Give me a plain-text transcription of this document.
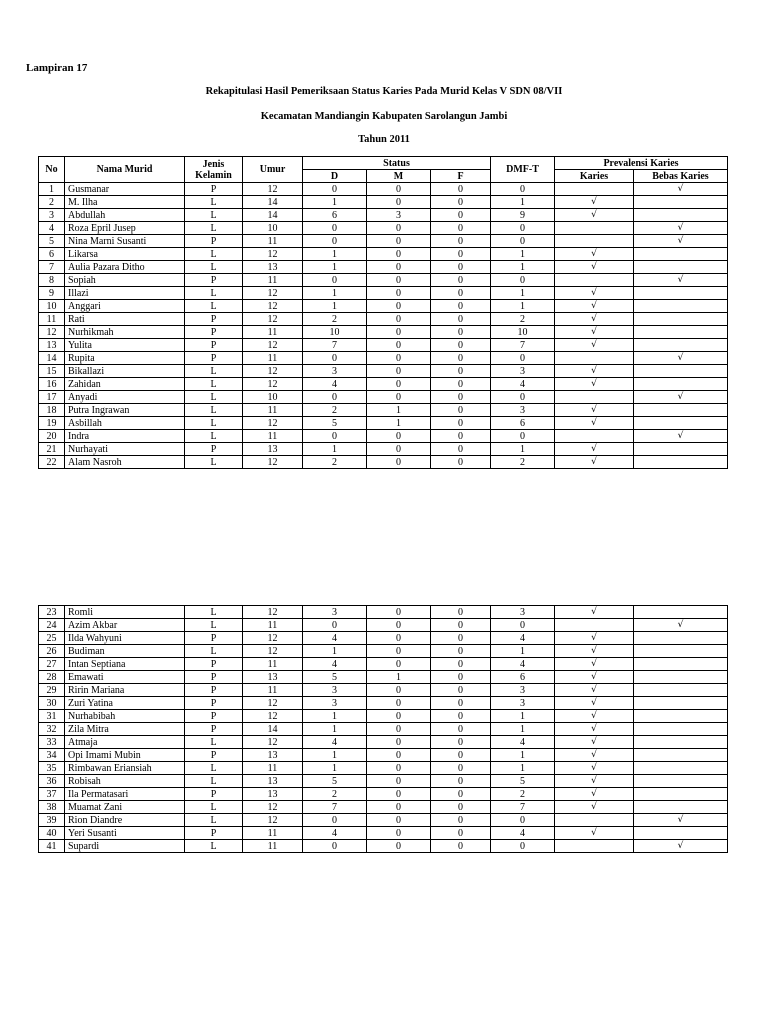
Lampiran 17
Rekapitulasi Hasil Pemeriksaan Status Karies Pada Murid Kelas V SDN 08/VII
Kecamatan Mandiangin Kabupaten Sarolangun Jambi
Tahun 2011
No	Nama Murid	Jenis
Kelamin	Umur	Status			DMF-T	Prevalensi Karies	
				D	M	F		Karies	Bebas Karies
1	Gusmanar	P	12	0	0	0	0		√
2	M. Ilha	L	14	1	0	0	1	√	
3	Abdullah	L	14	6	3	0	9	√	
4	Roza Epril Jusep	L	10	0	0	0	0		√
5	Nina Marni Susanti	P	11	0	0	0	0		√
6	Likarsa	L	12	1	0	0	1	√	
7	Aulia Pazara Ditho	L	13	1	0	0	1	√	
8	Sopiah	P	11	0	0	0	0		√
9	Illazi	L	12	1	0	0	1	√	
10	Anggari	L	12	1	0	0	1	√	
11	Rati	P	12	2	0	0	2	√	
12	Nurhikmah	P	11	10	0	0	10	√	
13	Yulita	P	12	7	0	0	7	√	
14	Rupita	P	11	0	0	0	0		√
15	Bikallazi	L	12	3	0	0	3	√	
16	Zahidan	L	12	4	0	0	4	√	
17	Anyadi	L	10	0	0	0	0		√
18	Putra Ingrawan	L	11	2	1	0	3	√	
19	Asbillah	L	12	5	1	0	6	√	
20	Indra	L	11	0	0	0	0		√
21	Nurhayati	P	13	1	0	0	1	√	
22	Alam Nasroh	L	12	2	0	0	2	√	
23	Romli	L	12	3	0	0	3	√	
24	Azim Akbar	L	11	0	0	0	0		√
25	Ilda Wahyuni	P	12	4	0	0	4	√	
26	Budiman	L	12	1	0	0	1	√	
27	Intan Septiana	P	11	4	0	0	4	√	
28	Emawati	P	13	5	1	0	6	√	
29	Ririn Mariana	P	11	3	0	0	3	√	
30	Zuri Yatina	P	12	3	0	0	3	√	
31	Nurhabibah	P	12	1	0	0	1	√	
32	Zila Mitra	P	14	1	0	0	1	√	
33	Atmaja	L	12	4	0	0	4	√	
34	Opi Imami Mubin	P	13	1	0	0	1	√	
35	Rimbawan Eriansiah	L	11	1	0	0	1	√	
36	Robisah	L	13	5	0	0	5	√	
37	Ila Permatasari	P	13	2	0	0	2	√	
38	Muamat Zani	L	12	7	0	0	7	√	
39	Rion Diandre	L	12	0	0	0	0		√
40	Yeri Susanti	P	11	4	0	0	4	√	
41	Supardi	L	11	0	0	0	0		√
